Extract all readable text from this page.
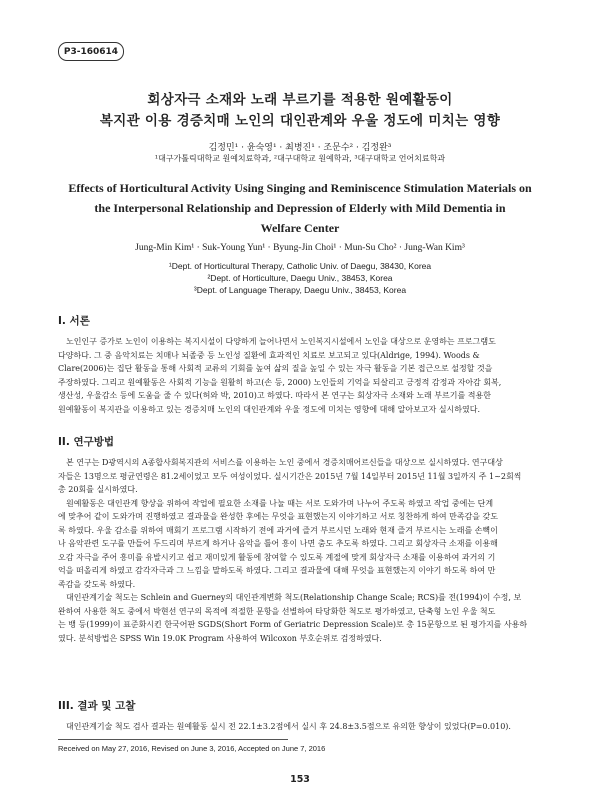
P3-160614
회상자극 소재와 노래 부르기를 적용한 원예활동이
복지관 이용 경증치매 노인의 대인관계와 우울 정도에 미치는 영향
김정민¹ · 윤숙영¹ · 최병진¹ · 조문수² · 김정완³
¹대구가톨릭대학교 원예치료학과, ²대구대학교 원예학과, ³대구대학교 언어치료학과
Effects of Horticultural Activity Using Singing and Reminiscence Stimulation Materials on
the Interpersonal Relationship and Depression of Elderly with Mild Dementia in
Welfare Center
Jung-Min Kim¹ · Suk-Young Yun¹ · Byung-Jin Choi¹ · Mun-Su Cho² · Jung-Wan Kim³
¹Dept. of Horticultural Therapy, Catholic Univ. of Daegu, 38430, Korea
²Dept. of Horticulture, Daegu Univ., 38453, Korea
³Dept. of Language Therapy, Daegu Univ., 38453, Korea
I. 서론
노인인구 증가로 노인이 이용하는 복지시설이 다양하게 늘어나면서 노인복지시설에서 노인을 대상으로 운영하는 프로그램도
다양하다. 그 중 음악치료는 치매나 뇌졸중 등 노인성 질환에 효과적인 치료로 보고되고 있다(Aldrige, 1994). Woods &
Clare(2006)는 집단 활동을 통해 사회적 교류의 기회를 높여 삶의 질을 높일 수 있는 자극 활동을 기본 접근으로 설정할 것을
주장하였다. 그리고 원예활동은 사회적 기능을 원활히 하고(손 등, 2000) 노인들의 기억을 되살리고 긍정적 감정과 자아감 회복,
생산성, 우울감소 등에 도움을 줄 수 있다(허와 박, 2010)고 하였다. 따라서 본 연구는 회상자극 소재와 노래 부르기를 적용한
원예활동이 복지관을 이용하고 있는 경증치매 노인의 대인관계와 우울 정도에 미치는 영향에 대해 알아보고자 실시하였다.
II. 연구방법
본 연구는 D광역시의 A종합사회복지관의 서비스를 이용하는 노인 중에서 경증치매어르신들을 대상으로 실시하였다. 연구대상
자들은 13명으로 평균연령은 81.2세이었고 모두 여성이었다. 실시기간은 2015년 7월 14일부터 2015년 11월 3일까지 주 1~2회씩
총 20회를 실시하였다.
원예활동은 대인관계 향상을 위하여 작업에 필요한 소재를 나눌 때는 서로 도와가며 나누어 주도록 하였고 작업 중에는 단계
에 맞추어 같이 도와가며 진행하였고 결과물을 완성한 후에는 무엇을 표현했는지 이야기하고 서로 칭찬하게 하여 만족감을 갖도
록 하였다. 우울 감소를 위하여 매회기 프로그램 시작하기 전에 과거에 즐겨 부르시던 노래와 현재 즐겨 부르시는 노래를 손뼉이
나 음악관련 도구를 만들어 두드리며 부르게 하거나 음악을 틀어 흥이 나면 춤도 추도록 하였다. 그리고 회상자극 소재를 이용해
오감 자극을 주어 흥미를 유발시키고 쉽고 재미있게 활동에 참여할 수 있도록 계절에 맞게 회상자극 소재를 이용하여 과거의 기
억을 떠올리게 하였고 감각자극과 그 느낌을 말하도록 하였다. 그리고 결과물에 대해 무엇을 표현했는지 이야기 하도록 하여 만
족감을 갖도록 하였다.
대인관계기술 척도는 Schlein and Guerney의 대인관계변화 척도(Relationship Change Scale; RCS)를 전(1994)이 수정, 보
완하여 사용한 척도 중에서 박현선 연구의 목적에 적절한 문항을 선별하여 타당화한 척도로 평가하였고, 단축형 노인 우울 척도
는 뱅 등(1999)이 표준화시킨 한국어판 SGDS(Short Form of Geriatric Depression Scale)로 총 15문항으로 된 평가지를 사용하
였다. 분석방법은 SPSS Win 19.0K Program 사용하여 Wilcoxon 부호순위로 검정하였다.
III. 결과 및 고찰
대인관계기술 척도 검사 결과는 원예활동 실시 전 22.1±3.2점에서 실시 후 24.8±3.5점으로 유의한 향상이 있었다(P=0.010).
Received on May 27, 2016, Revised on June 3, 2016, Accepted on June 7, 2016
153
